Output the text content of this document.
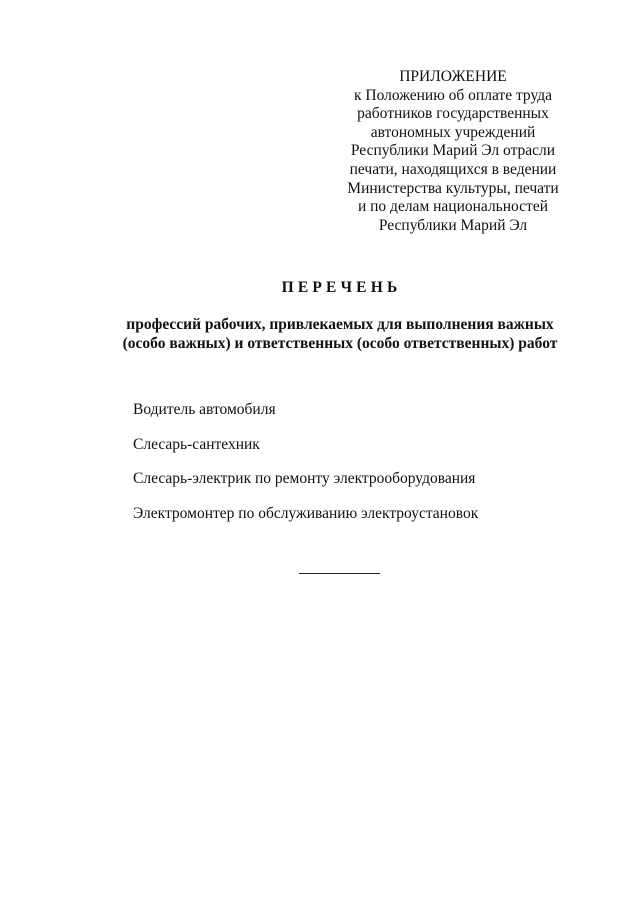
ПРИЛОЖЕНИЕ
к Положению об оплате труда
работников государственных
автономных учреждений
Республики Марий Эл отрасли
печати, находящихся в ведении
Министерства культуры, печати
и по делам национальностей
Республики Марий Эл
ПЕРЕЧЕНЬ
профессий рабочих, привлекаемых для выполнения важных
(особо важных) и ответственных (особо ответственных) работ
Водитель автомобиля
Слесарь-сантехник
Слесарь-электрик по ремонту электрооборудования
Электромонтер по обслуживанию электроустановок
